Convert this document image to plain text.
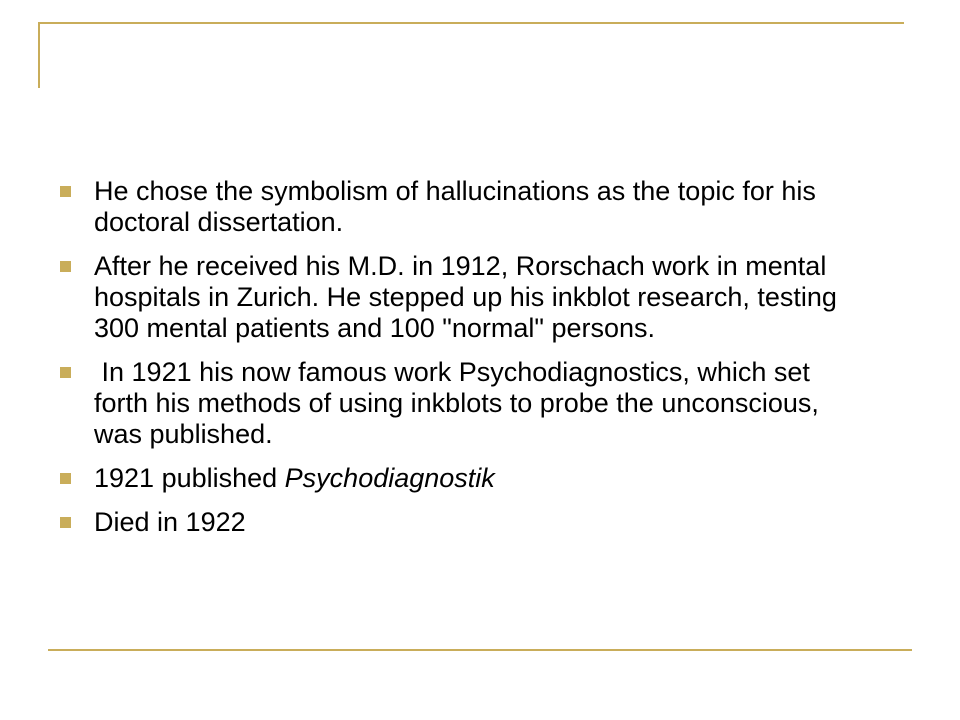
He chose the symbolism of hallucinations as the topic for his doctoral dissertation.
After he received his M.D. in 1912, Rorschach work in mental hospitals in Zurich. He stepped up his inkblot research, testing 300 mental patients and 100 "normal" persons.
In 1921 his now famous work Psychodiagnostics, which set forth his methods of using inkblots to probe the unconscious, was published.
1921 published Psychodiagnostik
Died in 1922
